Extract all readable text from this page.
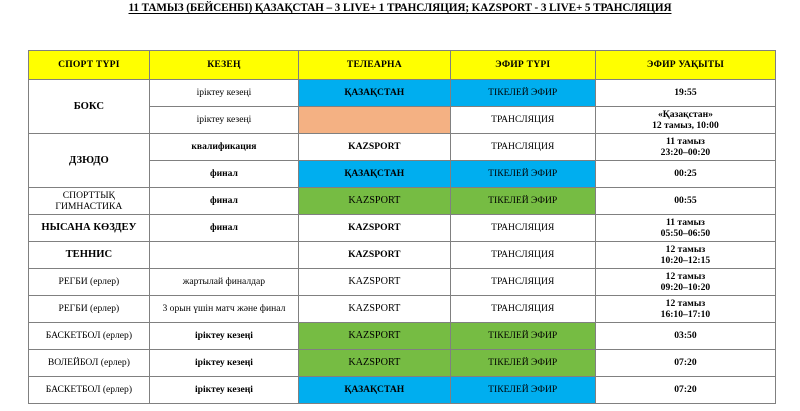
11 ТАМЫЗ (БЕЙСЕНБІ) ҚАЗАҚСТАН – 3 LIVE+ 1 ТРАНСЛЯЦИЯ; KAZSPORT - 3 LIVE+ 5 ТРАНСЛЯЦИЯ
СПОРТ ТҮРІ	КЕЗЕҢ	ТЕЛЕАРНА	ЭФИР ТҮРІ	ЭФИР УАҚЫТЫ
БОКС	іріктеу кезеңі	ҚАЗАҚСТАН	ТІКЕЛЕЙ ЭФИР	19:55

	іріктеу кезеңі		ТРАНСЛЯЦИЯ	«Қазақстан»
12 тамыз, 10:00

ДЗЮДО	квалификация	KAZSPORT	ТРАНСЛЯЦИЯ	11 тамыз
23:20–00:20

	финал	ҚАЗАҚСТАН	ТІКЕЛЕЙ ЭФИР	00:25

СПОРТТЫҚ ГИМНАСТИКА	финал	KAZSPORT	ТІКЕЛЕЙ ЭФИР	00:55

НЫСАНА КӨЗДЕУ	финал	KAZSPORT	ТРАНСЛЯЦИЯ	11 тамыз
05:50–06:50

ТЕННИС		KAZSPORT	ТРАНСЛЯЦИЯ	12 тамыз
10:20–12:15

РЕГБИ (ерлер)	жартылай финалдар	KAZSPORT	ТРАНСЛЯЦИЯ	12 тамыз
09:20–10:20

РЕГБИ (ерлер)	3 орын үшін матч және финал	KAZSPORT	ТРАНСЛЯЦИЯ	12 тамыз
16:10–17:10

БАСКЕТБОЛ (ерлер)	іріктеу кезеңі	KAZSPORT	ТІКЕЛЕЙ ЭФИР	03:50

ВОЛЕЙБОЛ (ерлер)	іріктеу кезеңі	KAZSPORT	ТІКЕЛЕЙ ЭФИР	07:20

БАСКЕТБОЛ (ерлер)	іріктеу кезеңі	ҚАЗАҚСТАН	ТІКЕЛЕЙ ЭФИР	07:20
